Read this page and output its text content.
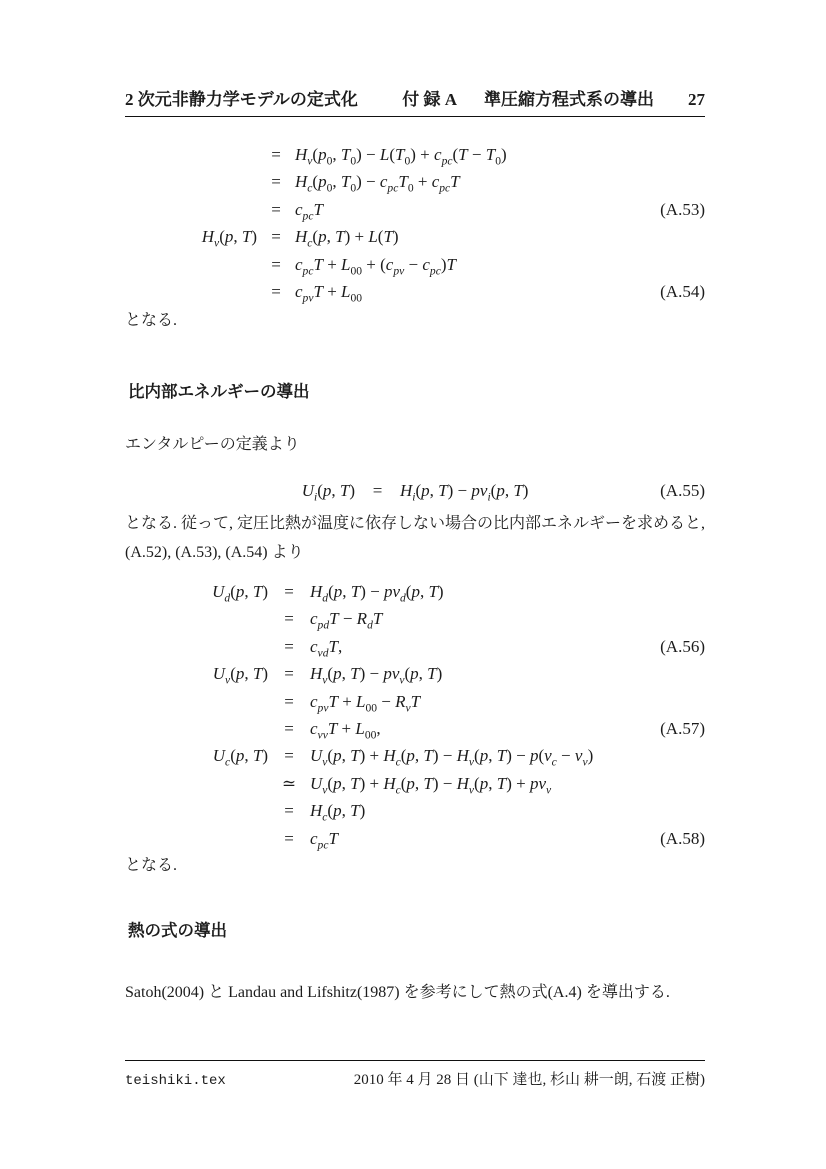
2 次元非静力学モデルの定式化	付 録 A 準圧縮方程式系の導出 27
= $H_v(p_0$, $T_0) - L(T_0) + c_{pc}(T - T_0)$
= $H_c(p_0$, $T_0) - c_{pc}T_0 + c_{pc}T$
= $c_{pc}T$	(A.53)
$H_v(p$, $T) = H_c(p$, T) + L(T)
= $c_{pc}T + L_{00} + (c_{pv} - c_{pc})T$
= $c_{pv}T + L_{00}$	(A.54)
となる.
比内部エネルギーの導出
エンタルピーの定義より
$U_i(p$, T)	=	$H_i(p$, $T) - pv_i(p$, T)	(A.55)
となる. 従って, 定圧比熱が温度に依存しない場合の比内部エネルギーを求めると,
(A.52), (A.53), (A.54) より
$U_d(p$, $T) = H_d(p$, $T) - pv_d(p$, T)
= $c_{pd}T - R_dT$
= $c_{vd}T$,	(A.56)
$U_v(p$, $T) = H_v(p$, $T) - pv_v(p$, T)
= $c_{pv}T + L_{00} - R_vT$
= $c_{vv}T + L_{00}$,	(A.57)
$U_c(p$, $T) = U_v(p$, $T) + H_c(p$, $T) - H_v(p$, $T) - p(v_c - v_v)$
≃ $U_v(p$, $T) + H_c(p$, $T) - H_v(p$, $T) + pv_v$
= $H_c(p$, T)
= $c_{pc}T$	(A.58)
となる.
熱の式の導出
Satoh(2004) と Landau and Lifshitz(1987) を参考にして熱の式(A.4) を導出する.
teishiki.tex	2010 年 4 月 28 日 (山下 達也, 杉山 耕一朗, 石渡 正樹)
